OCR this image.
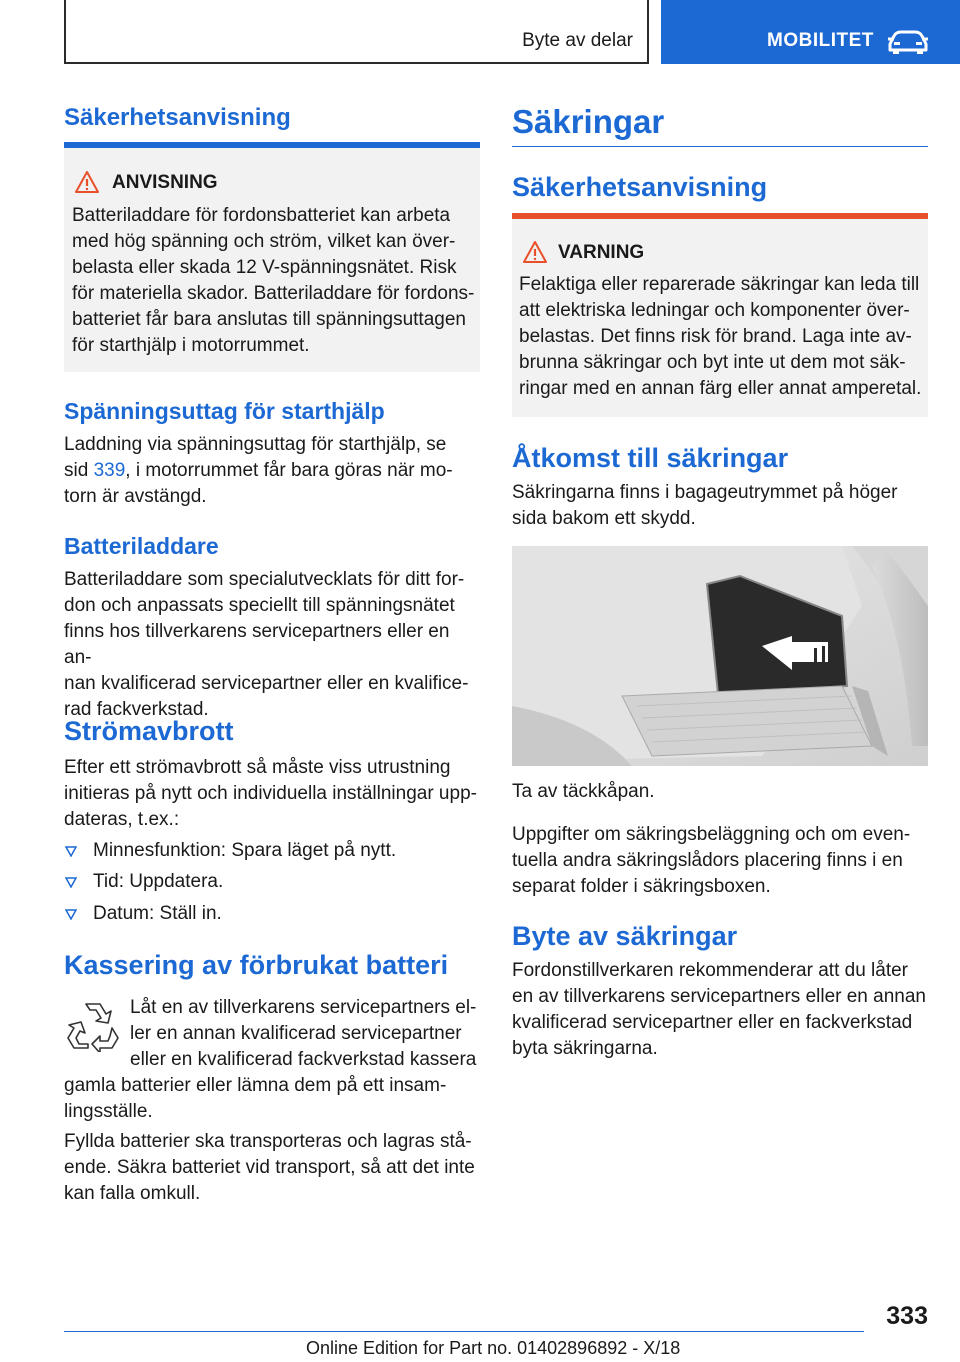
Byte av delar	MOBILITET
Säkerhetsanvisning
ANVISNING
Batteriladdare för fordonsbatteriet kan arbeta
med hög spänning och ström, vilket kan över-
belasta eller skada 12 V-spänningsnätet. Risk
för materiella skador. Batteriladdare för fordons-
batteriet får bara anslutas till spänningsuttagen
för starthjälp i motorrummet.
Spänningsuttag för starthjälp
Laddning via spänningsuttag för starthjälp, se
sid 339, i motorrummet får bara göras när mo-
torn är avstängd.
Batteriladdare
Batteriladdare som specialutvecklats för ditt for-
don och anpassats speciellt till spänningsnätet
finns hos tillverkarens servicepartners eller en an-
nan kvalificerad servicepartner eller en kvalifice-
rad fackverkstad.
Strömavbrott
Efter ett strömavbrott så måste viss utrustning
initieras på nytt och individuella inställningar upp-
dateras, t.ex.:
Minnesfunktion: Spara läget på nytt.
Tid: Uppdatera.
Datum: Ställ in.
Kassering av förbrukat batteri
Låt en av tillverkarens servicepartners el-
ler en annan kvalificerad servicepartner
eller en kvalificerad fackverkstad kassera
gamla batterier eller lämna dem på ett insam-
lingsställe.
Fyllda batterier ska transporteras och lagras stå-
ende. Säkra batteriet vid transport, så att det inte
kan falla omkull.
Säkringar
Säkerhetsanvisning
VARNING
Felaktiga eller reparerade säkringar kan leda till
att elektriska ledningar och komponenter över-
belastas. Det finns risk för brand. Laga inte av-
brunna säkringar och byt inte ut dem mot säk-
ringar med en annan färg eller annat amperetal.
Åtkomst till säkringar
Säkringarna finns i bagageutrymmet på höger
sida bakom ett skydd.
Ta av täckkåpan.
Uppgifter om säkringsbeläggning och om even-
tuella andra säkringslådors placering finns i en
separat folder i säkringsboxen.
Byte av säkringar
Fordonstillverkaren rekommenderar att du låter
en av tillverkarens servicepartners eller en annan
kvalificerad servicepartner eller en fackverkstad
byta säkringarna.
333
Online Edition for Part no. 01402896892 - X/18
